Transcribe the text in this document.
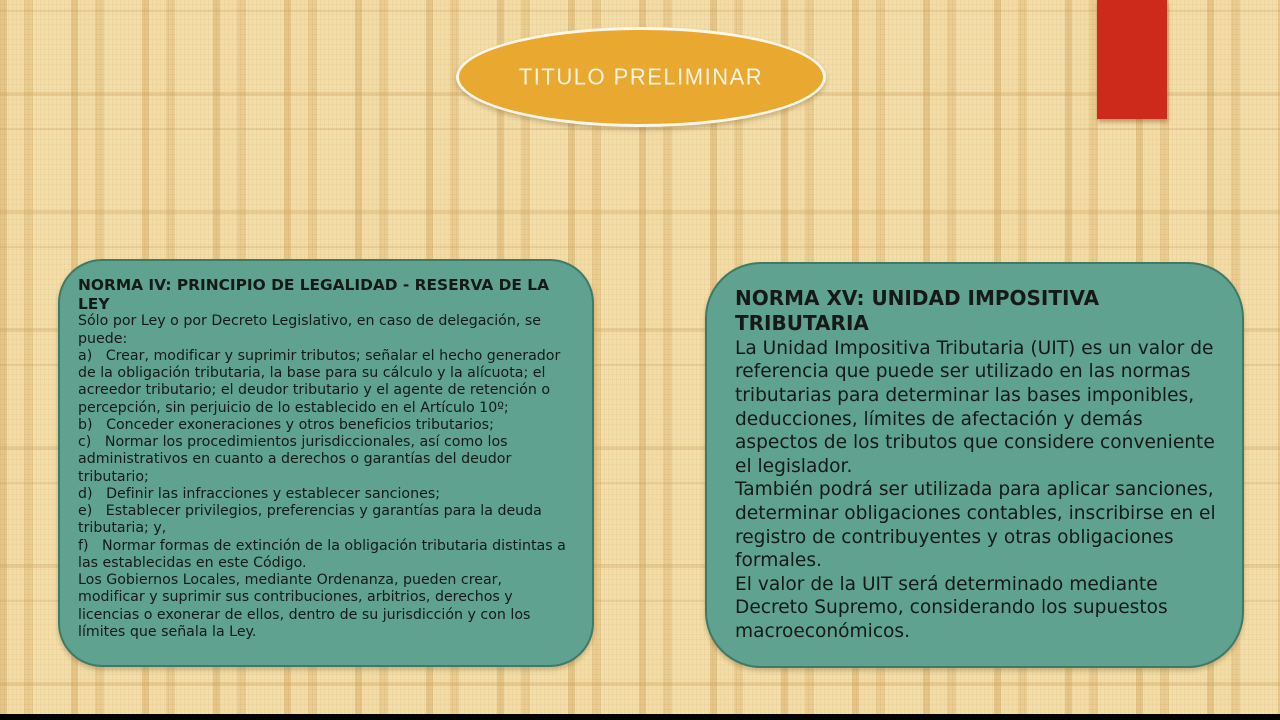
TITULO PRELIMINAR

NORMA IV: PRINCIPIO DE LEGALIDAD - RESERVA DE LA LEY

Sólo por Ley o por Decreto Legislativo, en caso de delegación, se puede:

a)   Crear, modificar y suprimir tributos; señalar el hecho generador de la obligación tributaria, la base para su cálculo y la alícuota; el acreedor tributario; el deudor tributario y el agente de retención o percepción, sin perjuicio de lo establecido en el Artículo 10º;

b)   Conceder exoneraciones y otros beneficios tributarios;

c)   Normar los procedimientos jurisdiccionales, así como los administrativos en cuanto a derechos o garantías del deudor tributario;

d)   Definir las infracciones y establecer sanciones;

e)   Establecer privilegios, preferencias y garantías para la deuda tributaria; y,

f)   Normar formas de extinción de la obligación tributaria distintas a las establecidas en este Código.

Los Gobiernos Locales, mediante Ordenanza, pueden crear, modificar y suprimir sus contribuciones, arbitrios, derechos y licencias o exonerar de ellos, dentro de su jurisdicción y con los límites que señala la Ley.

NORMA XV: UNIDAD IMPOSITIVA TRIBUTARIA

La Unidad Impositiva Tributaria (UIT) es un valor de referencia que puede ser utilizado en las normas tributarias para determinar las bases imponibles, deducciones, límites de afectación y demás aspectos de los tributos que considere conveniente el legislador.

También podrá ser utilizada para aplicar sanciones, determinar obligaciones contables, inscribirse en el registro de contribuyentes y otras obligaciones formales.

El valor de la UIT será determinado mediante Decreto Supremo, considerando los supuestos macroeconómicos.
